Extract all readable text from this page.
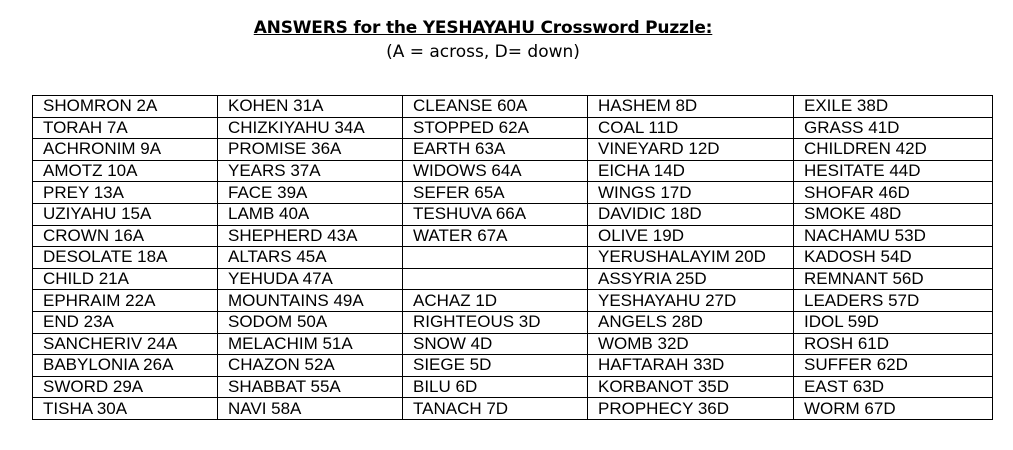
ANSWERS for the YESHAYAHU Crossword Puzzle:
(A = across, D= down)
SHOMRON 2A	KOHEN 31A	CLEANSE 60A	HASHEM 8D	EXILE 38D
TORAH 7A	CHIZKIYAHU 34A	STOPPED 62A	COAL 11D	GRASS 41D
ACHRONIM 9A	PROMISE 36A	EARTH 63A	VINEYARD 12D	CHILDREN 42D
AMOTZ 10A	YEARS 37A	WIDOWS 64A	EICHA 14D	HESITATE 44D
PREY 13A	FACE 39A	SEFER 65A	WINGS 17D	SHOFAR 46D
UZIYAHU 15A	LAMB 40A	TESHUVA 66A	DAVIDIC 18D	SMOKE 48D
CROWN 16A	SHEPHERD 43A	WATER 67A	OLIVE 19D	NACHAMU 53D
DESOLATE 18A	ALTARS 45A		YERUSHALAYIM 20D	KADOSH 54D
CHILD 21A	YEHUDA 47A		ASSYRIA 25D	REMNANT 56D
EPHRAIM 22A	MOUNTAINS 49A	ACHAZ 1D	YESHAYAHU 27D	LEADERS 57D
END 23A	SODOM 50A	RIGHTEOUS 3D	ANGELS 28D	IDOL 59D
SANCHERIV 24A	MELACHIM 51A	SNOW 4D	WOMB 32D	ROSH 61D
BABYLONIA 26A	CHAZON 52A	SIEGE 5D	HAFTARAH 33D	SUFFER 62D
SWORD 29A	SHABBAT 55A	BILU 6D	KORBANOT 35D	EAST 63D
TISHA 30A	NAVI 58A	TANACH 7D	PROPHECY 36D	WORM 67D
